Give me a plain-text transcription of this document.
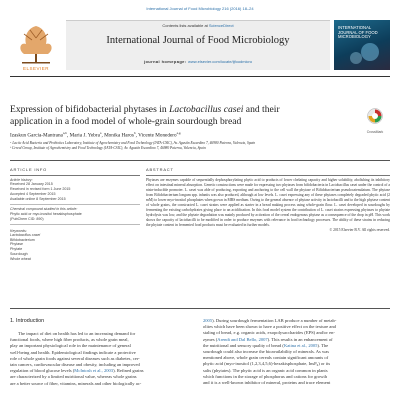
International Journal of Food Microbiology 216 (2016) 18–24
ELSEVIER
Contents lists available at ScienceDirect
International Journal of Food Microbiology
journal homepage: www.elsevier.com/locate/ijfoodmicro
INTERNATIONAL JOURNAL OF FOOD MICROBIOLOGY
Expression of bifidobacterial phytases in Lactobacillus casei and their
application in a food model of whole-grain sourdough bread
CrossMark
Izaskun García-Mantrana$^{a,b}$, Maria J. Yebra$^a$, Monika Haros$^b$, Vicente Monedero$^{a,⁎}$
ᵃ Lactic Acid Bacteria and Probiotics Laboratory, Institute of Agrochemistry and Food Technology (IATA-CSIC), Av. Agustín Escardino 7, 46980 Paterna, Valencia, Spain
ᵇ Cereal Group, Institute of Agrochemistry and Food Technology (IATA-CSIC), Av. Agustín Escardino 7, 46980 Paterna, Valencia, Spain
ARTICLE INFO
Article history:
Received 28 January 2015
Received in revised form 1 June 2015
Accepted 4 September 2015
Available online 8 September 2015
Chemical compound studied in this article:
Phytic acid or myo-inositol hexakisphosphate
(PubChem CID: 890)
Keywords:
Lactobacillus casei
Bifidobacterium
Phytase
Phytate
Sourdough
Whole wheat
ABSTRACT
Phytases are enzymes capable of sequentially dephosphorylating phytic acid to products of lower chelating capacity and higher solubility, abolishing its inhibitory effect on intestinal mineral absorption. Genetic constructions were made for expressing two phytases from bifidobacteria in Lactobacillus casei under the control of a nisin-inducible promoter. L. casei was able of producing, exporting and anchoring to the cell wall the phytase of Bifidobacterium pseudocatenulatum. The phytase from Bifidobacterium longum spp. infantis was also produced, although at low levels. L. casei expressing any of these phytases completely degraded phytic acid (2 mM) to lower myo-inositol phosphates when grown in MRS medium. Owing to the general absence of phytase activity in lactobacilli and to the high phytase content of whole grains, the constructed L. casei strains were applied as starter in a bread making process using whole-grain flour. L. casei developed in sourdoughs by fermenting the existing carbohydrates giving place to an acidification. In this food model system the contribution of L. casei strains expressing phytases to phytate hydrolysis was low, and the phytate degradation was mainly produced by activation of the cereal endogenous phytase as a consequence of the drop in pH. This work shows the capacity of lactobacilli to be modified in order to produce enzymes with relevance in food technology processes. The ability of these strains in reducing the phytate content in fermented food products must be evaluated in further models.
© 2015 Elsevier B.V. All rights reserved.
1. Introduction
The impact of diet on health has led to an increasing demand for
functional foods, where high fiber products, as whole grain meal,
play an important physiological role in the maintenance of general
well-being and health. Epidemiological findings indicate a protective
role of whole grain foods against several diseases such as diabetes, cer-
tain cancers, cardiovascular disease and obesity, including an improved
regulation of blood glucose levels (McIntosh et al., 2003). Refined grains
are characterized by a limited nutritional value, whereas whole grains
are a better source of fiber, vitamins, minerals and other biologically ac-
2005). During sourdough fermentation LAB produce a number of metab-
olites which have been shown to have a positive effect on the texture and
staling of bread, e.g. organic acids, exopolysaccharides (EPS) and/or en-
zymes (Arendt and Dal Bello, 2007). This results in an enhancement of
the nutritional and sensory quality of bread (Katina et al., 2005). The
sourdough could also increase the bioavailability of minerals. As was
mentioned above, whole grain cereals contain significant amounts of
phytic acid (myo-inositol (1,2,3,4,5,6)-hexakisphosphate, InsP₆) or its
salts (phytates). The phytic acid is an organic acid common in plants
which functions in the storage of phosphorus and cations for growth
and it is a well-known inhibitor of mineral, proteins and trace element
